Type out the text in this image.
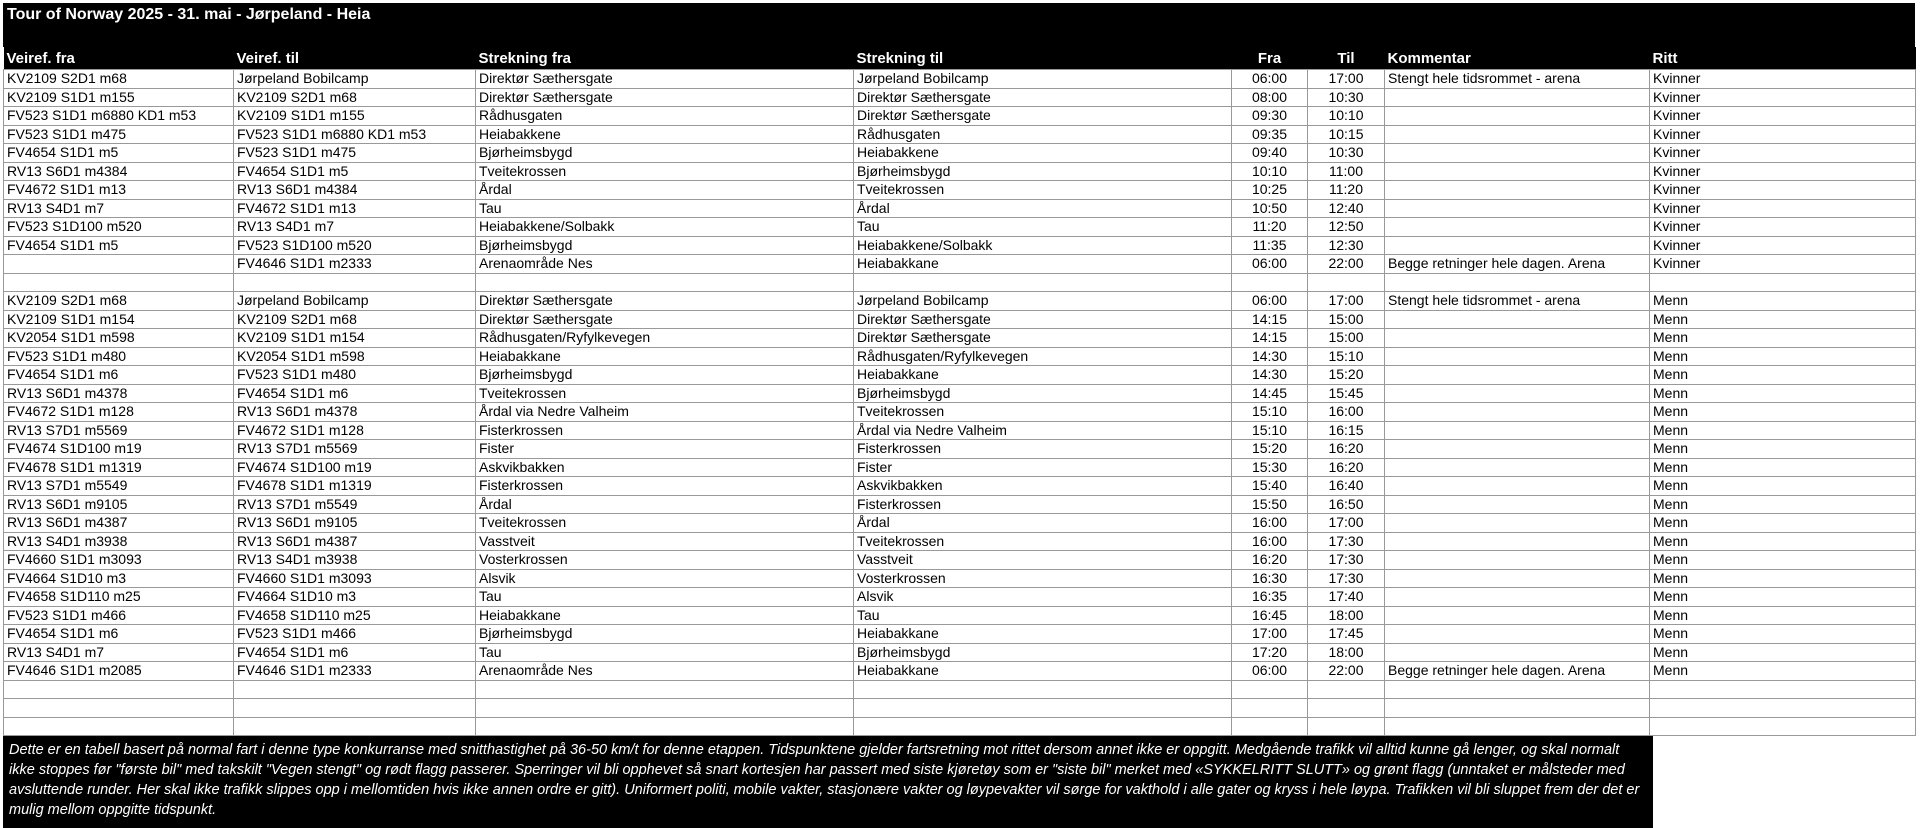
Tour of Norway 2025 - 31. mai - Jørpeland - Heia
Veiref. fra	Veiref. til	Strekning fra	Strekning til	Fra	Til	Kommentar	Ritt
KV2109 S2D1 m68	Jørpeland Bobilcamp	Direktør Sæthersgate	Jørpeland Bobilcamp	06:00	17:00	Stengt hele tidsrommet - arena	Kvinner
KV2109 S1D1 m155	KV2109 S2D1 m68	Direktør Sæthersgate	Direktør Sæthersgate	08:00	10:30		Kvinner
FV523 S1D1 m6880 KD1 m53	KV2109 S1D1 m155	Rådhusgaten	Direktør Sæthersgate	09:30	10:10		Kvinner
FV523 S1D1 m475	FV523 S1D1 m6880 KD1 m53	Heiabakkene	Rådhusgaten	09:35	10:15		Kvinner
FV4654 S1D1 m5	FV523 S1D1 m475	Bjørheimsbygd	Heiabakkene	09:40	10:30		Kvinner
RV13 S6D1 m4384	FV4654 S1D1 m5	Tveitekrossen	Bjørheimsbygd	10:10	11:00		Kvinner
FV4672 S1D1 m13	RV13 S6D1 m4384	Årdal	Tveitekrossen	10:25	11:20		Kvinner
RV13 S4D1 m7	FV4672 S1D1 m13	Tau	Årdal	10:50	12:40		Kvinner
FV523 S1D100 m520	RV13 S4D1 m7	Heiabakkene/Solbakk	Tau	11:20	12:50		Kvinner
FV4654 S1D1 m5	FV523 S1D100 m520	Bjørheimsbygd	Heiabakkene/Solbakk	11:35	12:30		Kvinner
	FV4646 S1D1 m2333	Arenaområde Nes	Heiabakkane	06:00	22:00	Begge retninger hele dagen. Arena	Kvinner

KV2109 S2D1 m68	Jørpeland Bobilcamp	Direktør Sæthersgate	Jørpeland Bobilcamp	06:00	17:00	Stengt hele tidsrommet - arena	Menn
KV2109 S1D1 m154	KV2109 S2D1 m68	Direktør Sæthersgate	Direktør Sæthersgate	14:15	15:00		Menn
KV2054 S1D1 m598	KV2109 S1D1 m154	Rådhusgaten/Ryfylkevegen	Direktør Sæthersgate	14:15	15:00		Menn
FV523 S1D1 m480	KV2054 S1D1 m598	Heiabakkane	Rådhusgaten/Ryfylkevegen	14:30	15:10		Menn
FV4654 S1D1 m6	FV523 S1D1 m480	Bjørheimsbygd	Heiabakkane	14:30	15:20		Menn
RV13 S6D1 m4378	FV4654 S1D1 m6	Tveitekrossen	Bjørheimsbygd	14:45	15:45		Menn
FV4672 S1D1 m128	RV13 S6D1 m4378	Årdal via Nedre Valheim	Tveitekrossen	15:10	16:00		Menn
RV13 S7D1 m5569	FV4672 S1D1 m128	Fisterkrossen	Årdal via Nedre Valheim	15:10	16:15		Menn
FV4674 S1D100 m19	RV13 S7D1 m5569	Fister	Fisterkrossen	15:20	16:20		Menn
FV4678 S1D1 m1319	FV4674 S1D100 m19	Askvikbakken	Fister	15:30	16:20		Menn
RV13 S7D1 m5549	FV4678 S1D1 m1319	Fisterkrossen	Askvikbakken	15:40	16:40		Menn
RV13 S6D1 m9105	RV13 S7D1 m5549	Årdal	Fisterkrossen	15:50	16:50		Menn
RV13 S6D1 m4387	RV13 S6D1 m9105	Tveitekrossen	Årdal	16:00	17:00		Menn
RV13 S4D1 m3938	RV13 S6D1 m4387	Vasstveit	Tveitekrossen	16:00	17:30		Menn
FV4660 S1D1 m3093	RV13 S4D1 m3938	Vosterkrossen	Vasstveit	16:20	17:30		Menn
FV4664 S1D10 m3	FV4660 S1D1 m3093	Alsvik	Vosterkrossen	16:30	17:30		Menn
FV4658 S1D110 m25	FV4664 S1D10 m3	Tau	Alsvik	16:35	17:40		Menn
FV523 S1D1 m466	FV4658 S1D110 m25	Heiabakkane	Tau	16:45	18:00		Menn
FV4654 S1D1 m6	FV523 S1D1 m466	Bjørheimsbygd	Heiabakkane	17:00	17:45		Menn
RV13 S4D1 m7	FV4654 S1D1 m6	Tau	Bjørheimsbygd	17:20	18:00		Menn
FV4646 S1D1 m2085	FV4646 S1D1 m2333	Arenaområde Nes	Heiabakkane	06:00	22:00	Begge retninger hele dagen. Arena	Menn

Dette er en tabell basert på normal fart i denne type konkurranse med snitthastighet på 36-50 km/t for denne etappen. Tidspunktene gjelder fartsretning mot rittet dersom annet ikke er oppgitt. Medgående trafikk vil alltid kunne gå lenger, og skal normalt ikke stoppes før "første bil" med takskilt "Vegen stengt" og rødt flagg passerer. Sperringer vil bli opphevet så snart kortesjen har passert med siste kjøretøy som er "siste bil" merket med «SYKKELRITT SLUTT» og grønt flagg (unntaket er målsteder med avsluttende runder. Her skal ikke trafikk slippes opp i mellomtiden hvis ikke annen ordre er gitt). Uniformert politi, mobile vakter, stasjonære vakter og løypevakter vil sørge for vakthold i alle gater og kryss i hele løypa. Trafikken vil bli sluppet frem der det er mulig mellom oppgitte tidspunkt.
